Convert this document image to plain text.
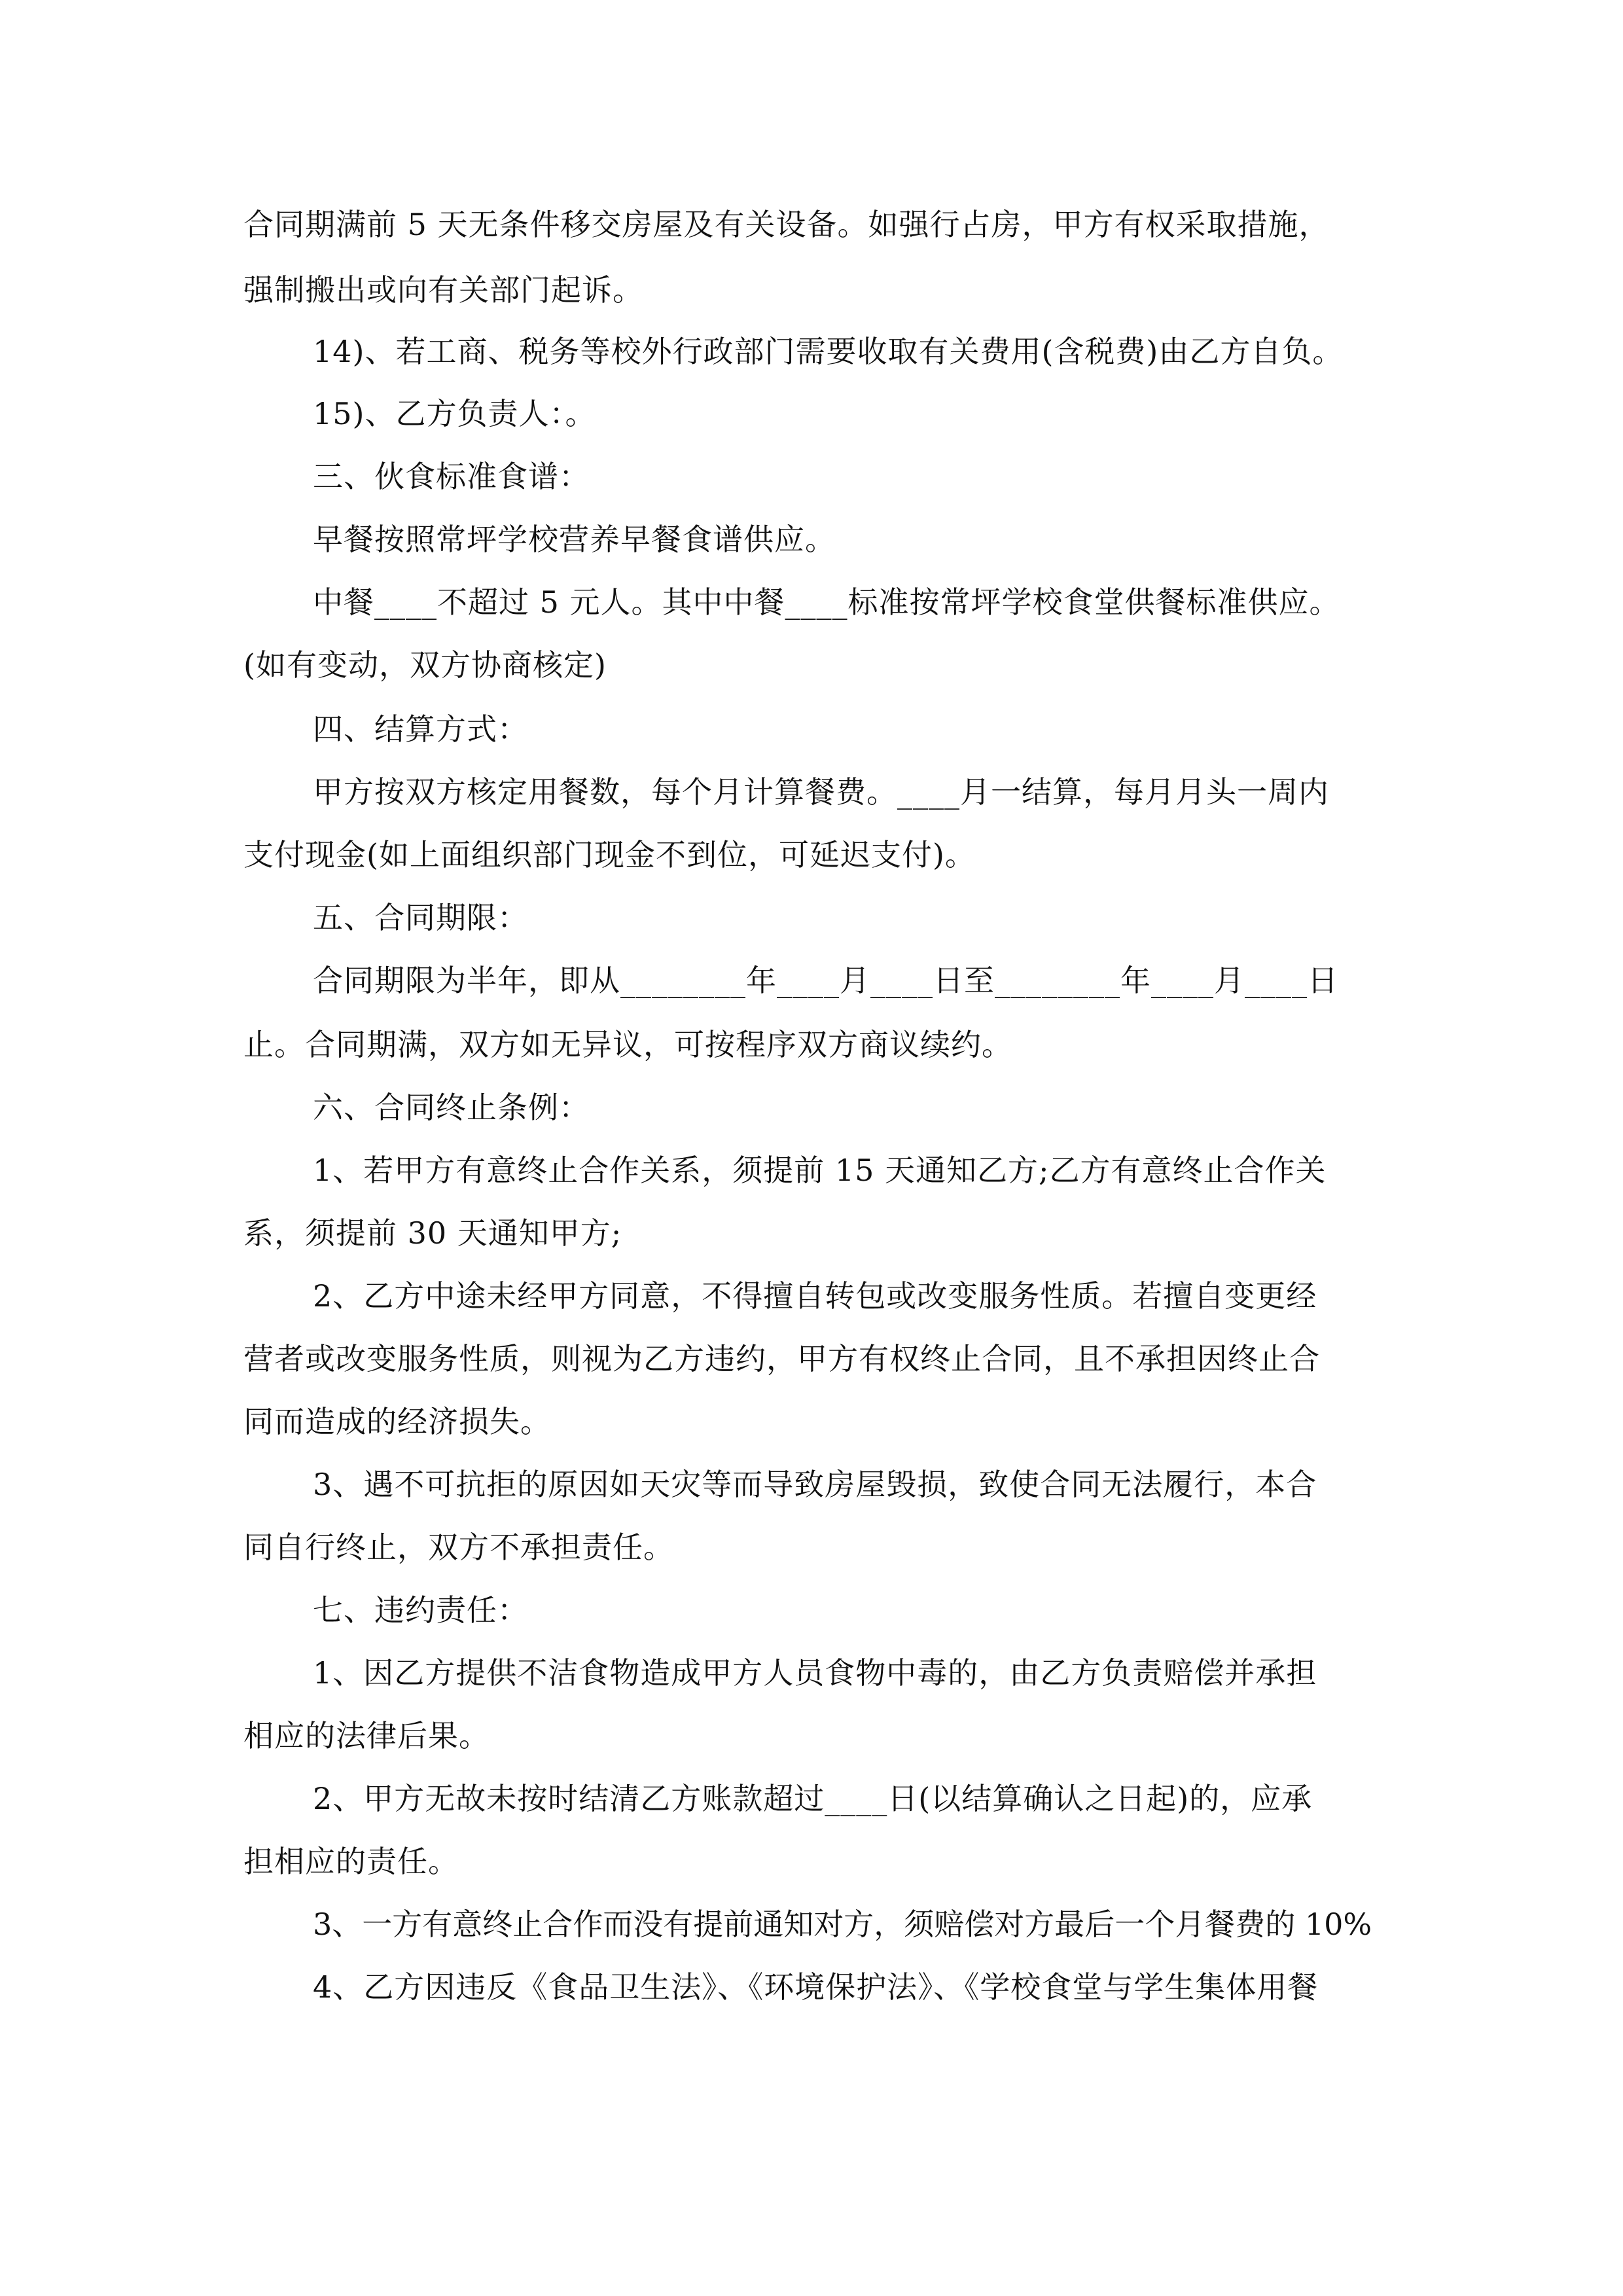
合同期满前 5 天无条件移交房屋及有关设备。如强行占房，甲方有权采取措施，
强制搬出或向有关部门起诉。
14)、若工商、税务等校外行政部门需要收取有关费用(含税费)由乙方自负。
15)、乙方负责人：。
三、伙食标准食谱：
早餐按照常坪学校营养早餐食谱供应。
中餐____不超过 5 元人。其中中餐____标准按常坪学校食堂供餐标准供应。
(如有变动，双方协商核定)
四、结算方式：
甲方按双方核定用餐数，每个月计算餐费。____月一结算，每月月头一周内
支付现金(如上面组织部门现金不到位，可延迟支付)。
五、合同期限：
合同期限为半年，即从________年____月____日至________年____月____日
止。合同期满，双方如无异议，可按程序双方商议续约。
六、合同终止条例：
1、若甲方有意终止合作关系，须提前 15 天通知乙方;乙方有意终止合作关
系，须提前 30 天通知甲方;
2、乙方中途未经甲方同意，不得擅自转包或改变服务性质。若擅自变更经
营者或改变服务性质，则视为乙方违约，甲方有权终止合同，且不承担因终止合
同而造成的经济损失。
3、遇不可抗拒的原因如天灾等而导致房屋毁损，致使合同无法履行，本合
同自行终止，双方不承担责任。
七、违约责任：
1、因乙方提供不洁食物造成甲方人员食物中毒的，由乙方负责赔偿并承担
相应的法律后果。
2、甲方无故未按时结清乙方账款超过____日(以结算确认之日起)的，应承
担相应的责任。
3、一方有意终止合作而没有提前通知对方，须赔偿对方最后一个月餐费的 10%
4、乙方因违反《食品卫生法》、《环境保护法》、《学校食堂与学生集体用餐
